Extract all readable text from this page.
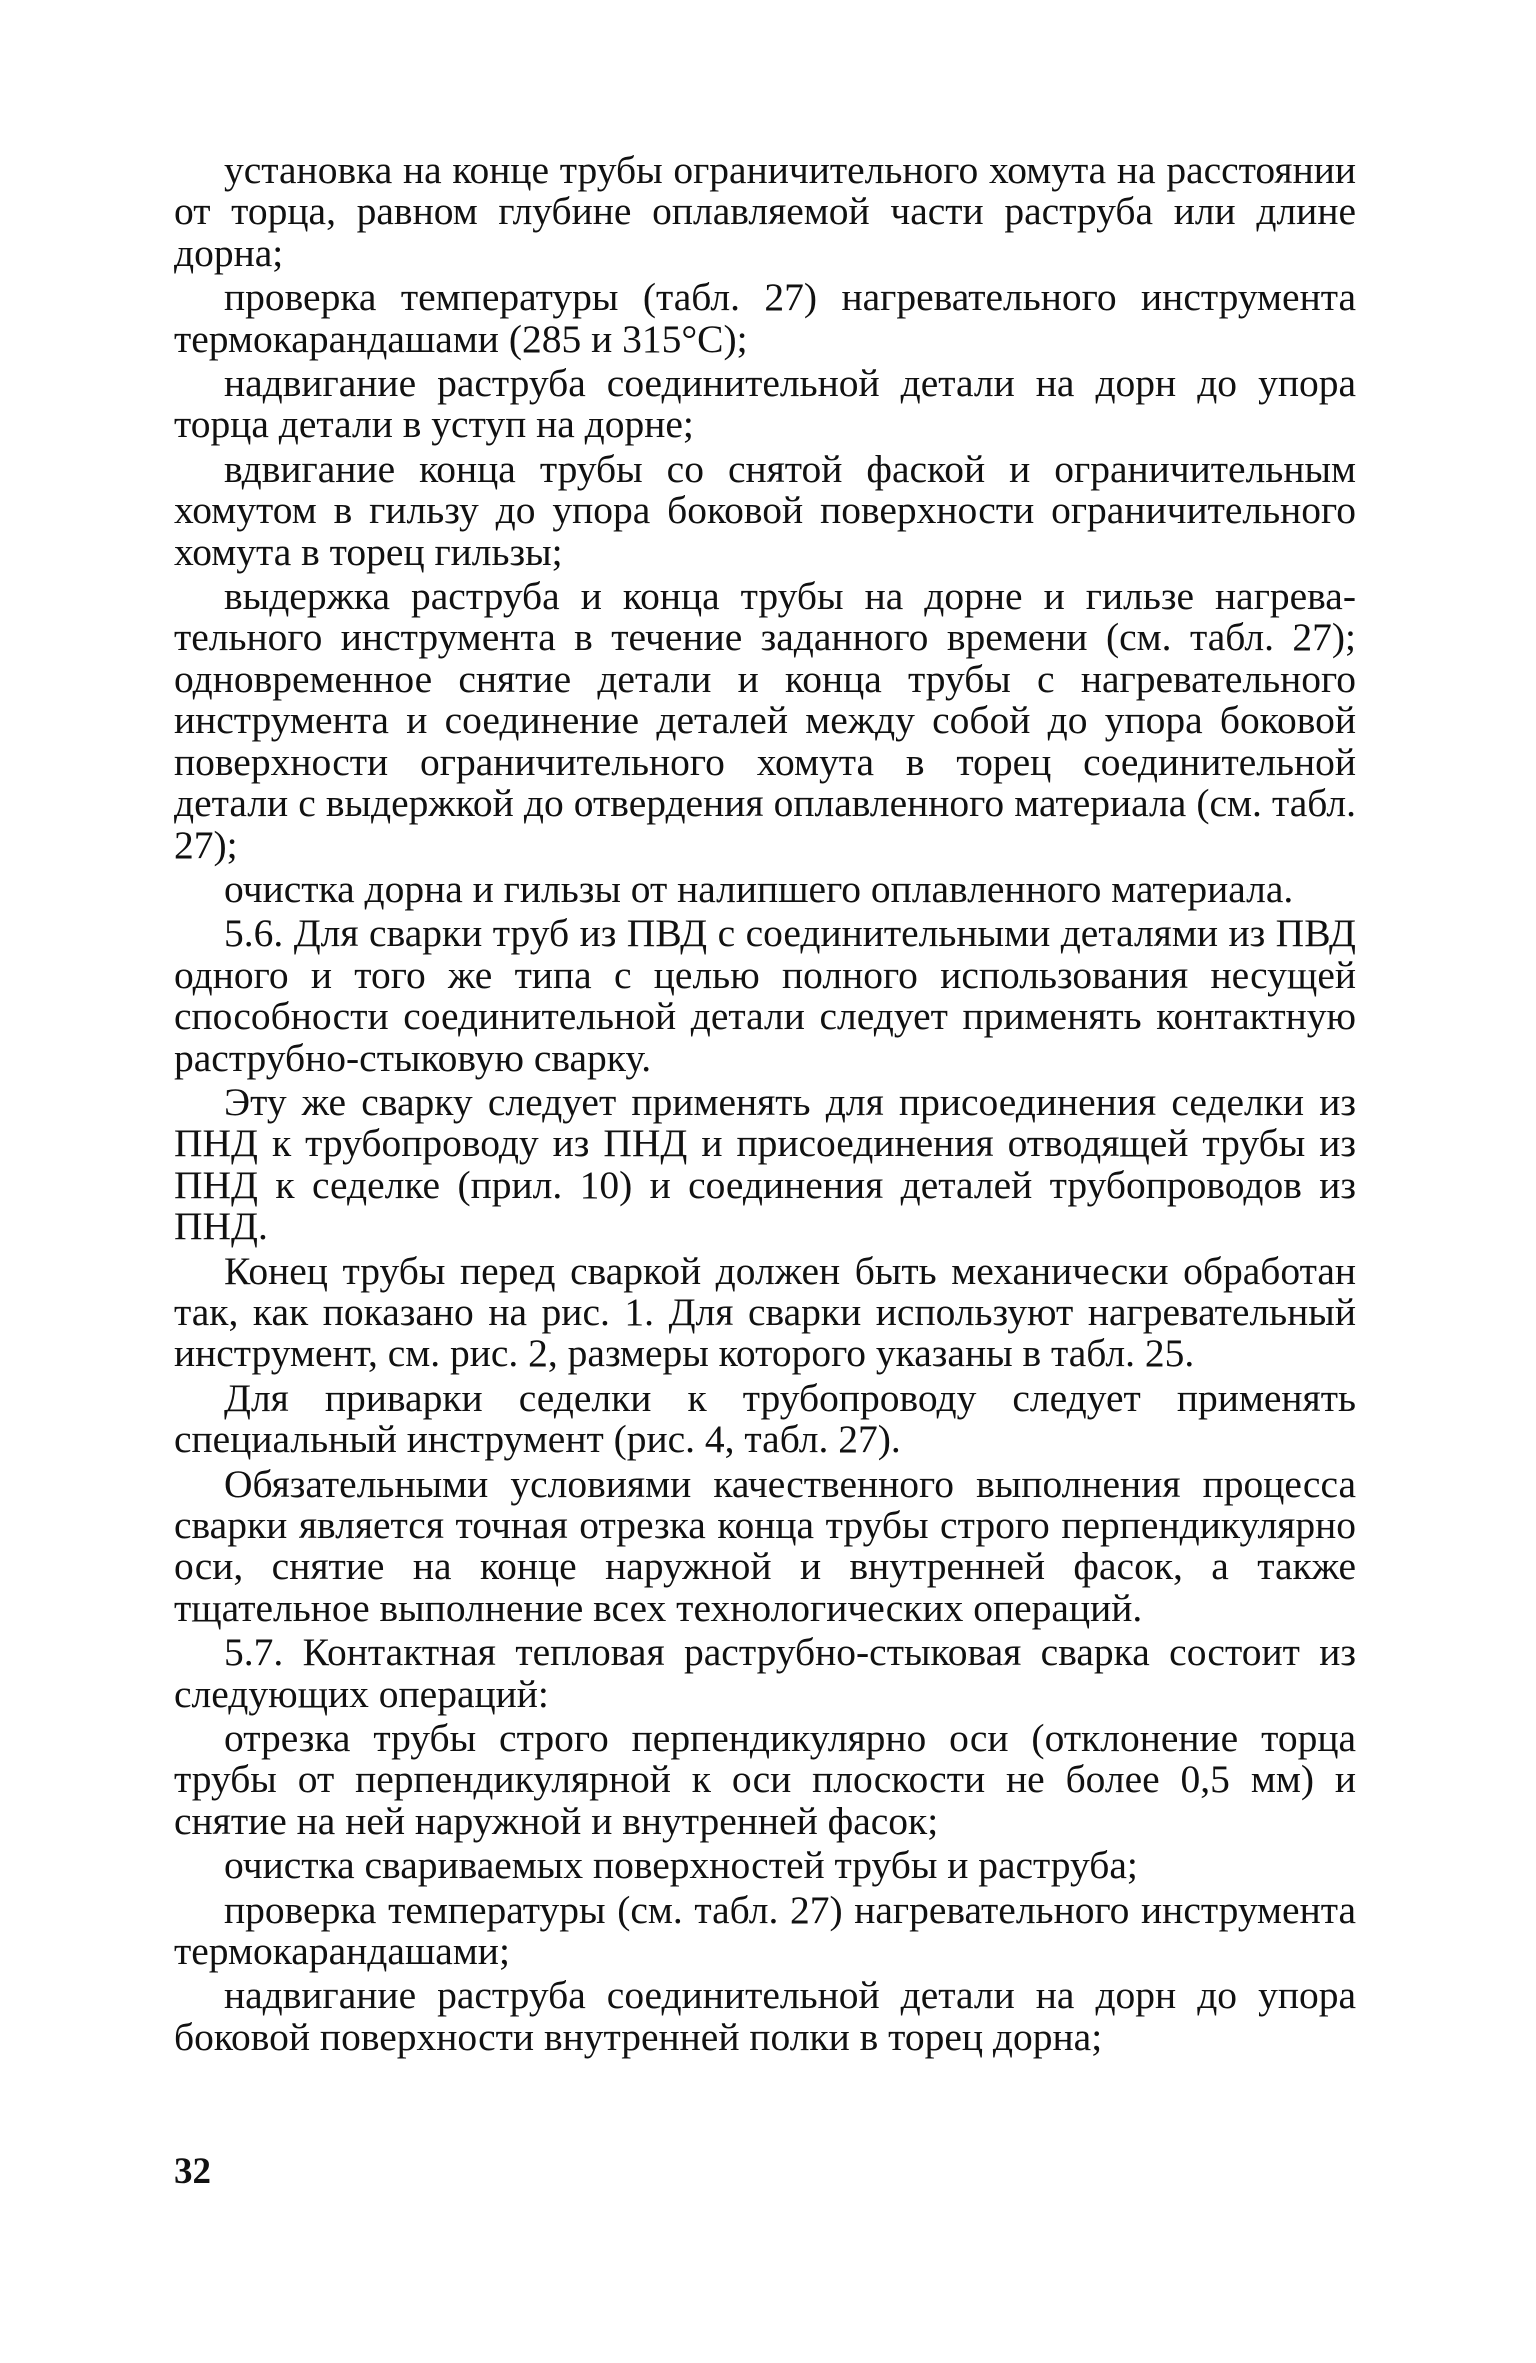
установка на конце трубы ограничительного хомута на расстоянии от торца, равном глубине оплавляемой части раструба или длине дорна;

проверка температуры (табл. 27) нагревательного инструмента термокарандашами (285 и 315°С);

надвигание раструба соединительной детали на дорн до упора торца детали в уступ на дорне;

вдвигание конца трубы со снятой фаской и ограничительным хомутом в гильзу до упора боковой поверхности ограничительного хомута в торец гильзы;

выдержка раструба и конца трубы на дорне и гильзе нагревательного инструмента в течение заданного времени (см. табл. 27); одновременное снятие детали и конца трубы с нагревательного инструмента и соединение деталей между собой до упора боковой поверхности ограничительного хомута в торец соединительной детали с выдержкой до отвердения оплавленного материала (см. табл. 27);

очистка дорна и гильзы от налипшего оплавленного материала.

5.6. Для сварки труб из ПВД с соединительными деталями из ПВД одного и того же типа с целью полного использования несущей способности соединительной детали следует применять контактную раструбно-стыковую сварку.

Эту же сварку следует применять для присоединения седелки из ПНД к трубопроводу из ПНД и присоединения отводящей трубы из ПНД к седелке (прил. 10) и соединения деталей трубопроводов из ПНД.

Конец трубы перед сваркой должен быть механически обработан так, как показано на рис. 1. Для сварки используют нагревательный инструмент, см. рис. 2, размеры которого указаны в табл. 25.

Для приварки седелки к трубопроводу следует применять специальный инструмент (рис. 4, табл. 27).

Обязательными условиями качественного выполнения процесса сварки является точная отрезка конца трубы строго перпендикулярно оси, снятие на конце наружной и внутренней фасок, а также тщательное выполнение всех технологических операций.

5.7. Контактная тепловая раструбно-стыковая сварка состоит из следующих операций:

отрезка трубы строго перпендикулярно оси (отклонение торца трубы от перпендикулярной к оси плоскости не более 0,5 мм) и снятие на ней наружной и внутренней фасок;

очистка свариваемых поверхностей трубы и раструба;

проверка температуры (см. табл. 27) нагревательного инструмента термокарандашами;

надвигание раструба соединительной детали на дорн до упора боковой поверхности внутренней полки в торец дорна;

32
